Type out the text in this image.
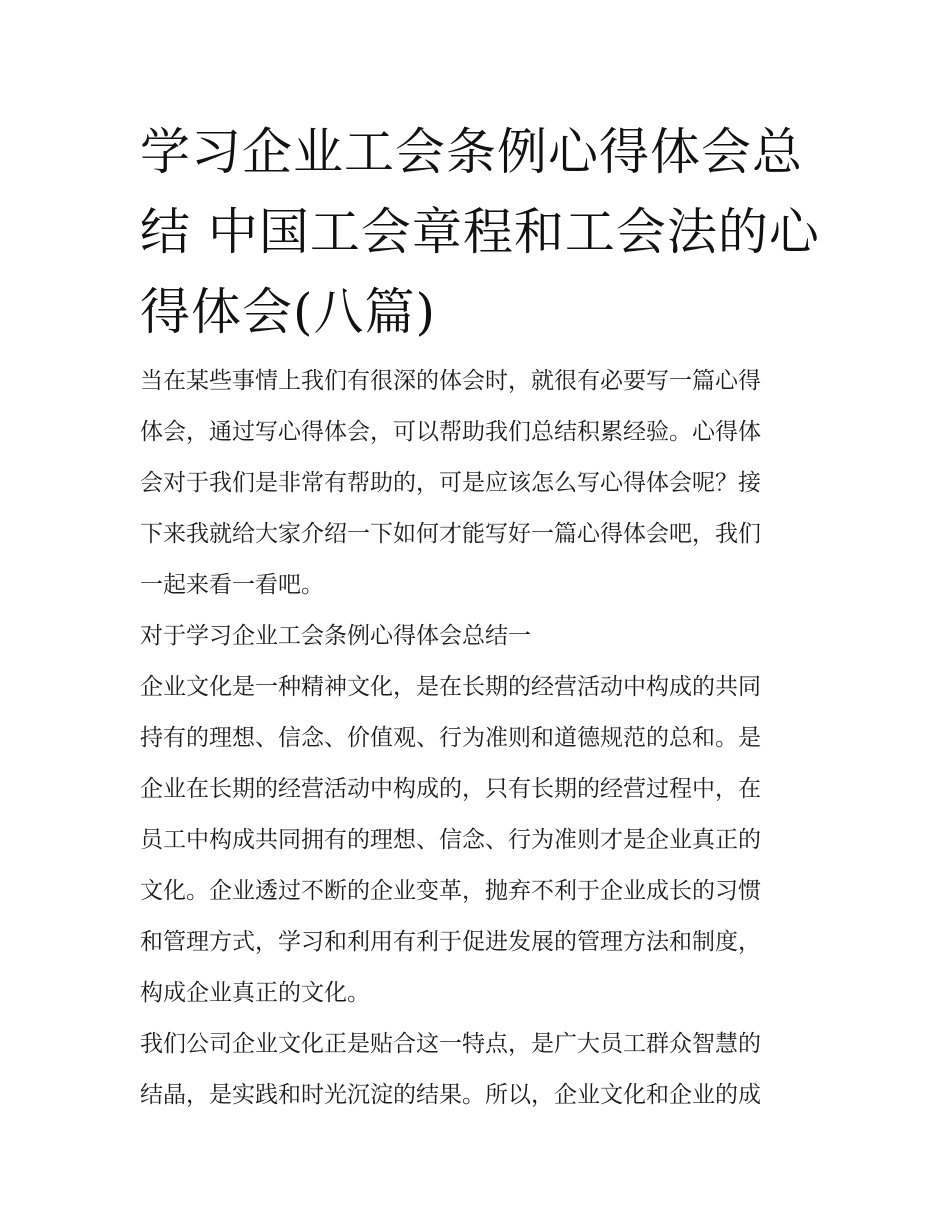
学习企业工会条例心得体会总
结 中国工会章程和工会法的心
得体会(八篇)

当在某些事情上我们有很深的体会时，就很有必要写一篇心得
体会，通过写心得体会，可以帮助我们总结积累经验。心得体
会对于我们是非常有帮助的，可是应该怎么写心得体会呢？接
下来我就给大家介绍一下如何才能写好一篇心得体会吧，我们
一起来看一看吧。

对于学习企业工会条例心得体会总结一

企业文化是一种精神文化，是在长期的经营活动中构成的共同
持有的理想、信念、价值观、行为准则和道德规范的总和。是
企业在长期的经营活动中构成的，只有长期的经营过程中，在
员工中构成共同拥有的理想、信念、行为准则才是企业真正的
文化。企业透过不断的企业变革，抛弃不利于企业成长的习惯
和管理方式，学习和利用有利于促进发展的管理方法和制度，
构成企业真正的文化。

我们公司企业文化正是贴合这一特点，是广大员工群众智慧的
结晶，是实践和时光沉淀的结果。所以，企业文化和企业的成
